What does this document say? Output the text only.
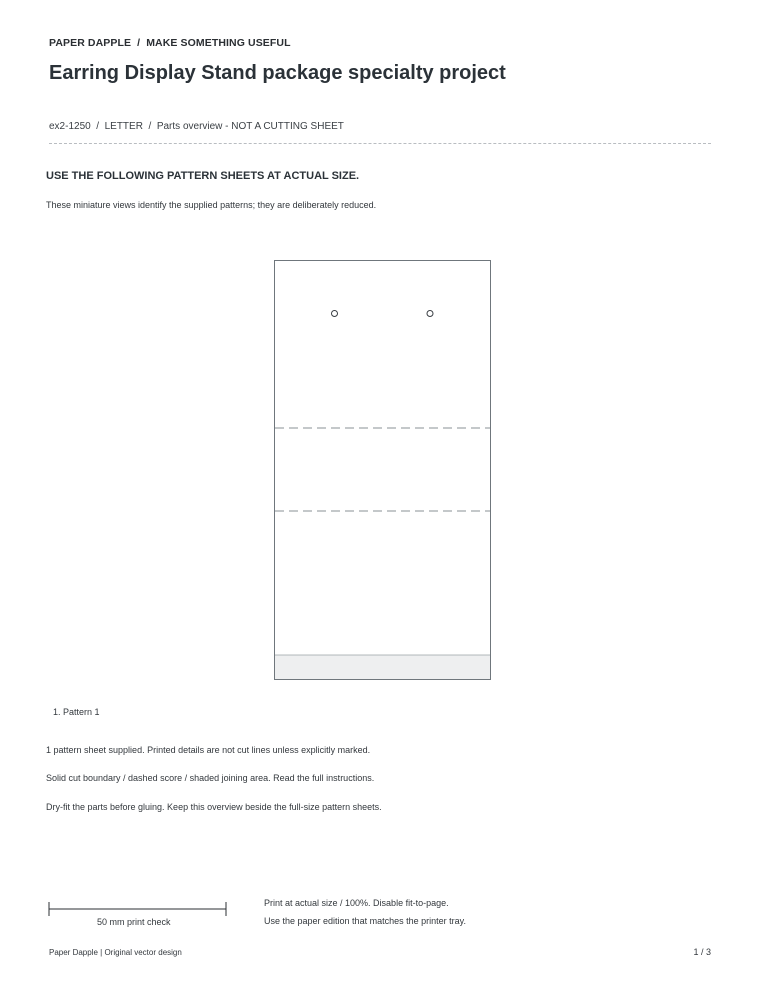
PAPER DAPPLE  /  MAKE SOMETHING USEFUL
Earring Display Stand package specialty project
ex2-1250  /  LETTER  /  Parts overview - NOT A CUTTING SHEET
USE THE FOLLOWING PATTERN SHEETS AT ACTUAL SIZE.
These miniature views identify the supplied patterns; they are deliberately reduced.
1. Pattern 1
1 pattern sheet supplied. Printed details are not cut lines unless explicitly marked.
Solid cut boundary / dashed score / shaded joining area. Read the full instructions.
Dry-fit the parts before gluing. Keep this overview beside the full-size pattern sheets.
50 mm print check
Print at actual size / 100%. Disable fit-to-page.
Use the paper edition that matches the printer tray.
Paper Dapple | Original vector design	1 / 3
